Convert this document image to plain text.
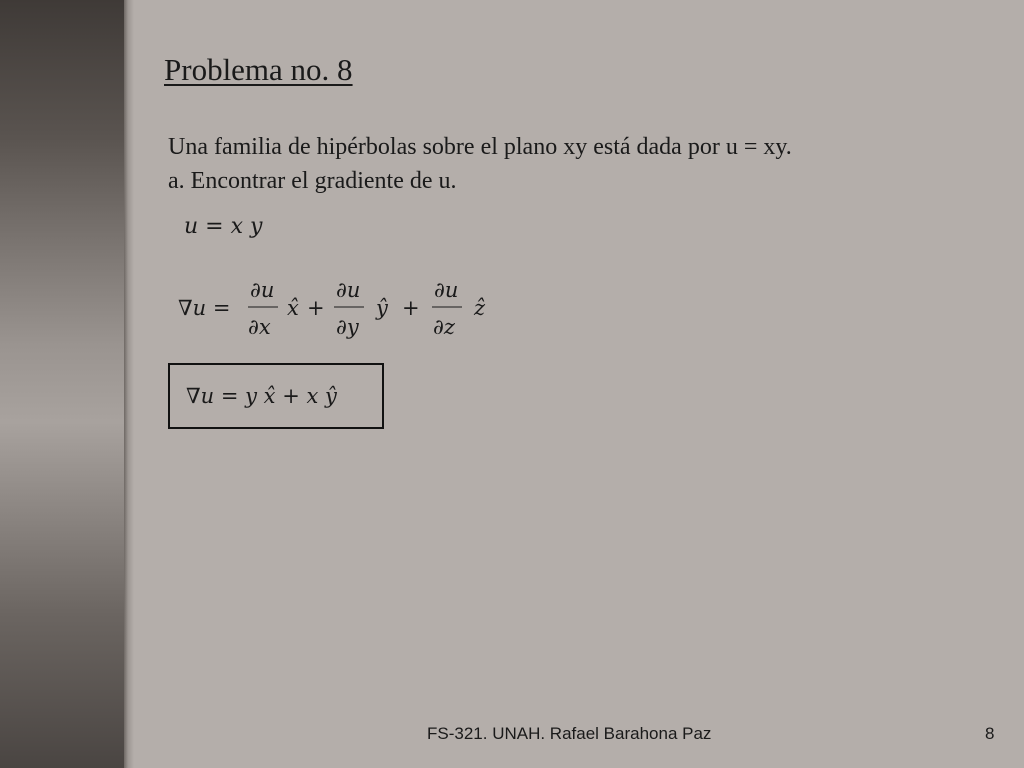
Problema no. 8
Una familia de hipérbolas sobre el plano xy está dada por u = xy.
a. Encontrar el gradiente de u.
u = x y
∇u =
∂u
∂x
x̂ +
∂u
∂y
ŷ +
∂u
∂z
ẑ
∇u = y x̂ + x ŷ
FS-321. UNAH. Rafael Barahona Paz	8
